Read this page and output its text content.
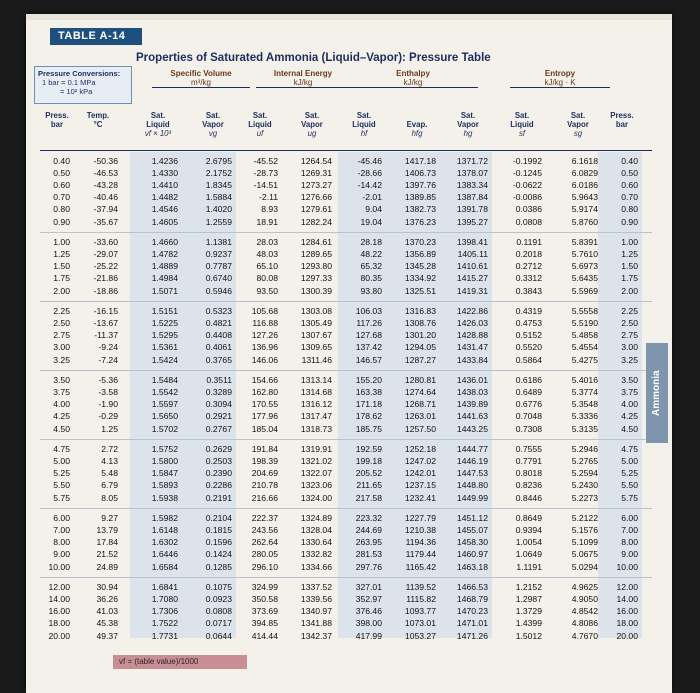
TABLE A-14
Properties of Saturated Ammonia (Liquid–Vapor): Pressure Table
Pressure Conversions:
1 bar = 0.1 MPa
= 10² kPa
Specific Volume
m³/kg
Internal Energy
kJ/kg
Enthalpy
kJ/kg
Entropy
kJ/kg · K
Press.
bar
Temp.
°C
Sat.
Liquid
vf × 10³
Sat.
Vapor
vg
Sat.
Liquid
uf
Sat.
Vapor
ug
Sat.
Liquid
hf
Evap.
hfg
Sat.
Vapor
hg
Sat.
Liquid
sf
Sat.
Vapor
sg
Press.
bar
0.40	-50.36	1.4236	2.6795	-45.52	1264.54	-45.46	1417.18	1371.72	-0.1992	6.1618	0.40
0.50	-46.53	1.4330	2.1752	-28.73	1269.31	-28.66	1406.73	1378.07	-0.1245	6.0829	0.50
0.60	-43.28	1.4410	1.8345	-14.51	1273.27	-14.42	1397.76	1383.34	-0.0622	6.0186	0.60
0.70	-40.46	1.4482	1.5884	-2.11	1276.66	-2.01	1389.85	1387.84	-0.0086	5.9643	0.70
0.80	-37.94	1.4546	1.4020	8.93	1279.61	9.04	1382.73	1391.78	0.0386	5.9174	0.80
0.90	-35.67	1.4605	1.2559	18.91	1282.24	19.04	1376.23	1395.27	0.0808	5.8760	0.90
1.00	-33.60	1.4660	1.1381	28.03	1284.61	28.18	1370.23	1398.41	0.1191	5.8391	1.00
1.25	-29.07	1.4782	0.9237	48.03	1289.65	48.22	1356.89	1405.11	0.2018	5.7610	1.25
1.50	-25.22	1.4889	0.7787	65.10	1293.80	65.32	1345.28	1410.61	0.2712	5.6973	1.50
1.75	-21.86	1.4984	0.6740	80.08	1297.33	80.35	1334.92	1415.27	0.3312	5.6435	1.75
2.00	-18.86	1.5071	0.5946	93.50	1300.39	93.80	1325.51	1419.31	0.3843	5.5969	2.00
2.25	-16.15	1.5151	0.5323	105.68	1303.08	106.03	1316.83	1422.86	0.4319	5.5558	2.25
2.50	-13.67	1.5225	0.4821	116.88	1305.49	117.26	1308.76	1426.03	0.4753	5.5190	2.50
2.75	-11.37	1.5295	0.4408	127.26	1307.67	127.68	1301.20	1428.88	0.5152	5.4858	2.75
3.00	-9.24	1.5361	0.4061	136.96	1309.65	137.42	1294.05	1431.47	0.5520	5.4554	3.00
3.25	-7.24	1.5424	0.3765	146.06	1311.46	146.57	1287.27	1433.84	0.5864	5.4275	3.25
3.50	-5.36	1.5484	0.3511	154.66	1313.14	155.20	1280.81	1436.01	0.6186	5.4016	3.50
3.75	-3.58	1.5542	0.3289	162.80	1314.68	163.38	1274.64	1438.03	0.6489	5.3774	3.75
4.00	-1.90	1.5597	0.3094	170.55	1316.12	171.18	1268.71	1439.89	0.6776	5.3548	4.00
4.25	-0.29	1.5650	0.2921	177.96	1317.47	178.62	1263.01	1441.63	0.7048	5.3336	4.25
4.50	1.25	1.5702	0.2767	185.04	1318.73	185.75	1257.50	1443.25	0.7308	5.3135	4.50
4.75	2.72	1.5752	0.2629	191.84	1319.91	192.59	1252.18	1444.77	0.7555	5.2946	4.75
5.00	4.13	1.5800	0.2503	198.39	1321.02	199.18	1247.02	1446.19	0.7791	5.2765	5.00
5.25	5.48	1.5847	0.2390	204.69	1322.07	205.52	1242.01	1447.53	0.8018	5.2594	5.25
5.50	6.79	1.5893	0.2286	210.78	1323.06	211.65	1237.15	1448.80	0.8236	5.2430	5.50
5.75	8.05	1.5938	0.2191	216.66	1324.00	217.58	1232.41	1449.99	0.8446	5.2273	5.75
6.00	9.27	1.5982	0.2104	222.37	1324.89	223.32	1227.79	1451.12	0.8649	5.2122	6.00
7.00	13.79	1.6148	0.1815	243.56	1328.04	244.69	1210.38	1455.07	0.9394	5.1576	7.00
8.00	17.84	1.6302	0.1596	262.64	1330.64	263.95	1194.36	1458.30	1.0054	5.1099	8.00
9.00	21.52	1.6446	0.1424	280.05	1332.82	281.53	1179.44	1460.97	1.0649	5.0675	9.00
10.00	24.89	1.6584	0.1285	296.10	1334.66	297.76	1165.42	1463.18	1.1191	5.0294	10.00
12.00	30.94	1.6841	0.1075	324.99	1337.52	327.01	1139.52	1466.53	1.2152	4.9625	12.00
14.00	36.26	1.7080	0.0923	350.58	1339.56	352.97	1115.82	1468.79	1.2987	4.9050	14.00
16.00	41.03	1.7306	0.0808	373.69	1340.97	376.46	1093.77	1470.23	1.3729	4.8542	16.00
18.00	45.38	1.7522	0.0717	394.85	1341.88	398.00	1073.01	1471.01	1.4399	4.8086	18.00
20.00	49.37	1.7731	0.0644	414.44	1342.37	417.99	1053.27	1471.26	1.5012	4.7670	20.00
Ammonia
vf = (table value)/1000
